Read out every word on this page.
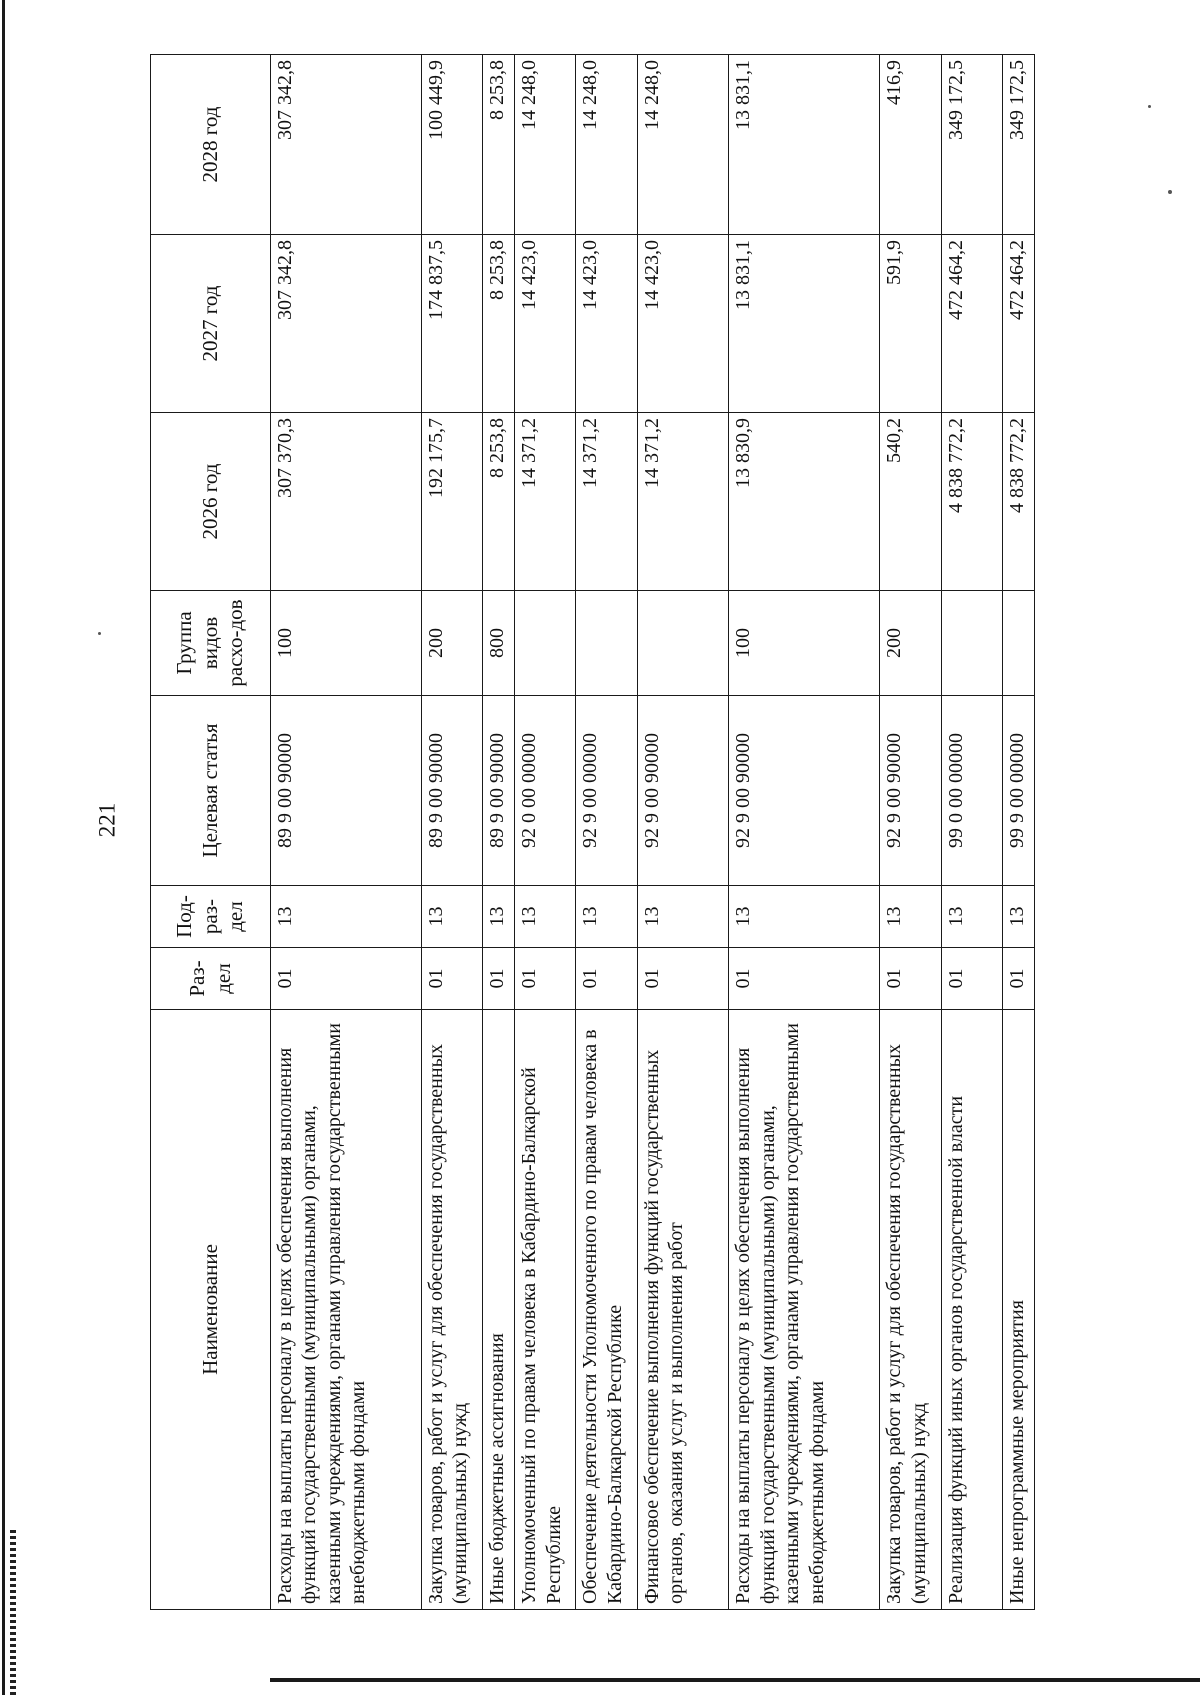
221
Наименование	Раз-дел	Под-раз-дел	Целевая статья	Группа видов расхо-дов	2026 год	2027 год	2028 год
Расходы на выплаты персоналу в целях обеспечения выполнения функций государственными (муниципальными) органами, казенными учреждениями, органами управления государственными внебюджетными фондами	01	13	89 9 00 90000	100	307 370,3	307 342,8	307 342,8
Закупка товаров, работ и услуг для обеспечения государственных (муниципальных) нужд	01	13	89 9 00 90000	200	192 175,7	174 837,5	100 449,9
Иные бюджетные ассигнования	01	13	89 9 00 90000	800	8 253,8	8 253,8	8 253,8
Уполномоченный по правам человека в Кабардино-Балкарской Республике	01	13	92 0 00 00000		14 371,2	14 423,0	14 248,0
Обеспечение деятельности Уполномоченного по правам человека в Кабардино-Балкарской Республике	01	13	92 9 00 00000		14 371,2	14 423,0	14 248,0
Финансовое обеспечение выполнения функций государственных органов, оказания услуг и выполнения работ	01	13	92 9 00 90000		14 371,2	14 423,0	14 248,0
Расходы на выплаты персоналу в целях обеспечения выполнения функций государственными (муниципальными) органами, казенными учреждениями, органами управления государственными внебюджетными фондами	01	13	92 9 00 90000	100	13 830,9	13 831,1	13 831,1
Закупка товаров, работ и услуг для обеспечения государственных (муниципальных) нужд	01	13	92 9 00 90000	200	540,2	591,9	416,9
Реализация функций иных органов государственной власти	01	13	99 0 00 00000		4 838 772,2	472 464,2	349 172,5
Иные непрограммные мероприятия	01	13	99 9 00 00000		4 838 772,2	472 464,2	349 172,5
